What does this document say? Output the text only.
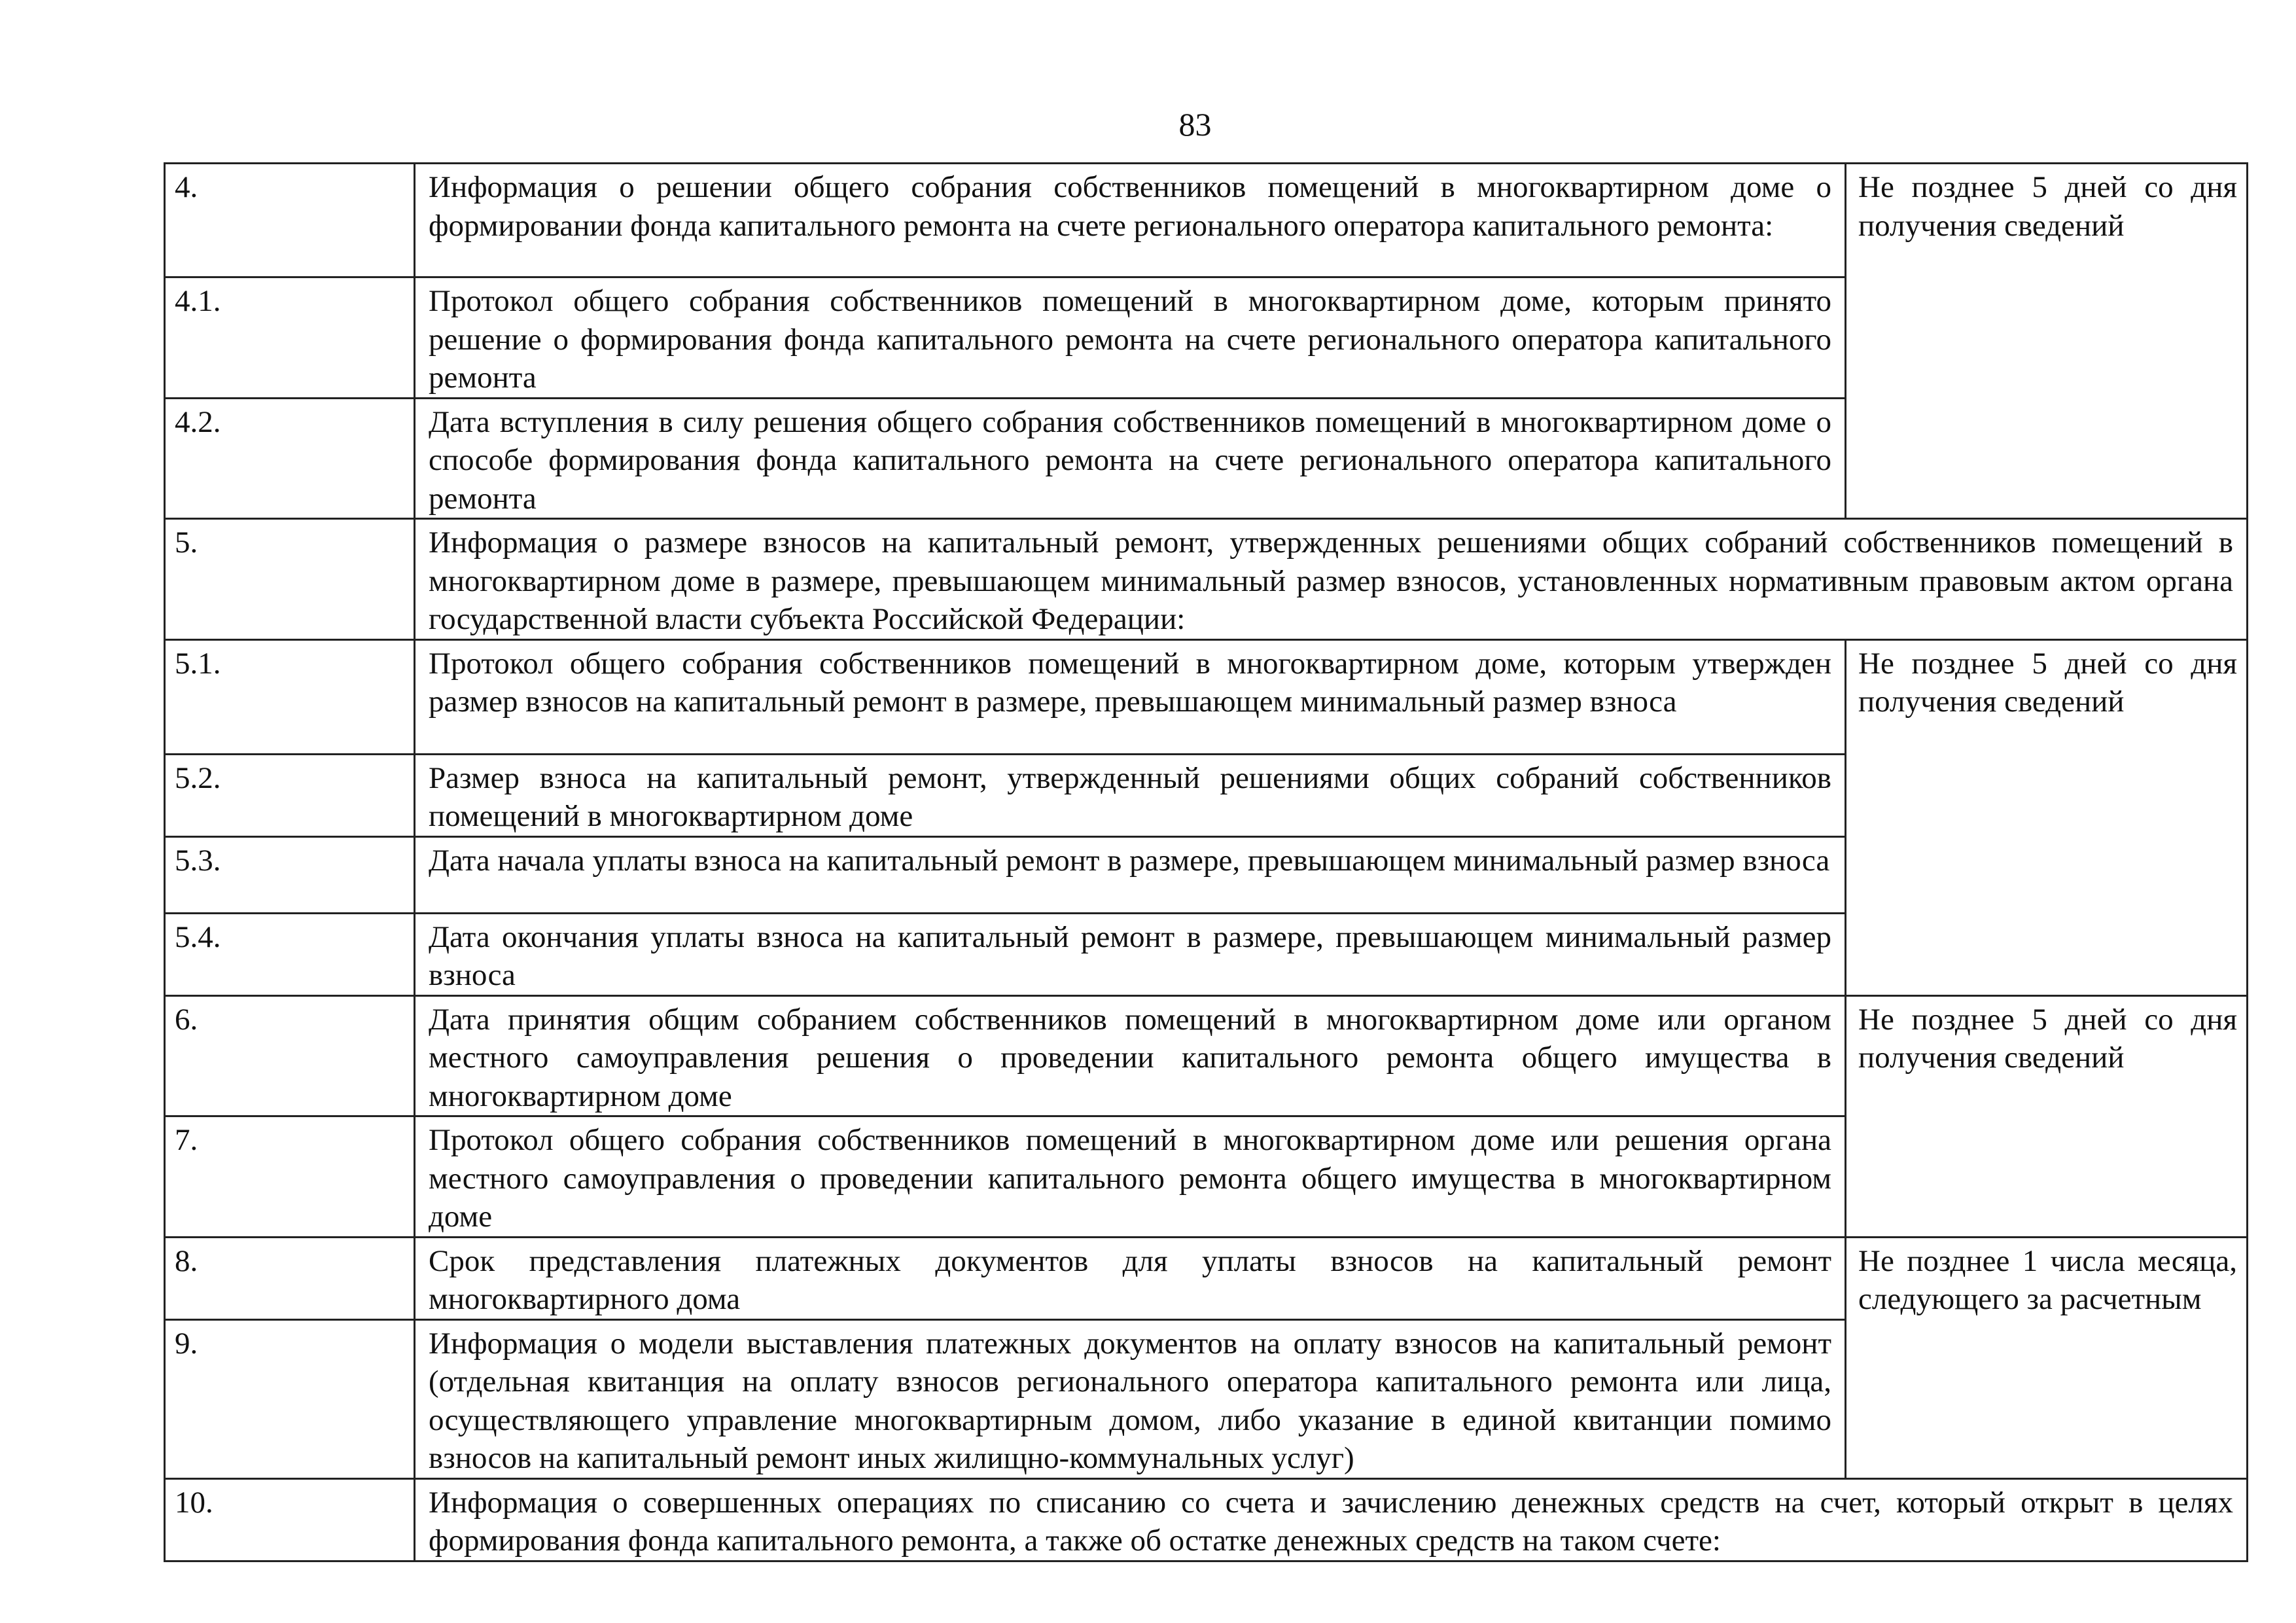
83
4.	Информация о решении общего собрания собственников помещений в многоквартирном доме о формировании фонда капитального ремонта на счете регионального оператора капитального ремонта:	Не позднее 5 дней со дня получения сведений
4.1.	Протокол общего собрания собственников помещений в многоквартирном доме, которым принято решение о формирования фонда капитального ремонта на счете регионального оператора капитального ремонта	
4.2.	Дата вступления в силу решения общего собрания собственников помещений в многоквартирном доме о способе формирования фонда капитального ремонта на счете регионального оператора капитального ремонта	
5.	Информация о размере взносов на капитальный ремонт, утвержденных решениями общих собраний собственников помещений в многоквартирном доме в размере, превышающем минимальный размер взносов, установленных нормативным правовым актом органа государственной власти субъекта Российской Федерации:	
5.1.	Протокол общего собрания собственников помещений в многоквартирном доме, которым утвержден размер взносов на капитальный ремонт в размере, превышающем минимальный размер взноса	Не позднее 5 дней со дня получения сведений
5.2.	Размер взноса на капитальный ремонт, утвержденный решениями общих собраний собственников помещений в многоквартирном доме	
5.3.	Дата начала уплаты взноса на капитальный ремонт в размере, превышающем минимальный размер взноса	
5.4.	Дата окончания уплаты взноса на капитальный ремонт в размере, превышающем минимальный размер взноса	
6.	Дата принятия общим собранием собственников помещений в многоквартирном доме или органом местного самоуправления решения о проведении капитального ремонта общего имущества в многоквартирном доме	Не позднее 5 дней со дня получения сведений
7.	Протокол общего собрания собственников помещений в многоквартирном доме или решения органа местного самоуправления о проведении капитального ремонта общего имущества в многоквартирном доме	
8.	Срок представления платежных документов для уплаты взносов на капитальный ремонт многоквартирного дома	Не позднее 1 числа месяца, следующего за расчетным
9.	Информация о модели выставления платежных документов на оплату взносов на капитальный ремонт (отдельная квитанция на оплату взносов регионального оператора капитального ремонта или лица, осуществляющего управление многоквартирным домом, либо указание в единой квитанции помимо взносов на капитальный ремонт иных жилищно-коммунальных услуг)	
10.	Информация о совершенных операциях по списанию со счета и зачислению денежных средств на счет, который открыт в целях формирования фонда капитального ремонта, а также об остатке денежных средств на таком счете:	
